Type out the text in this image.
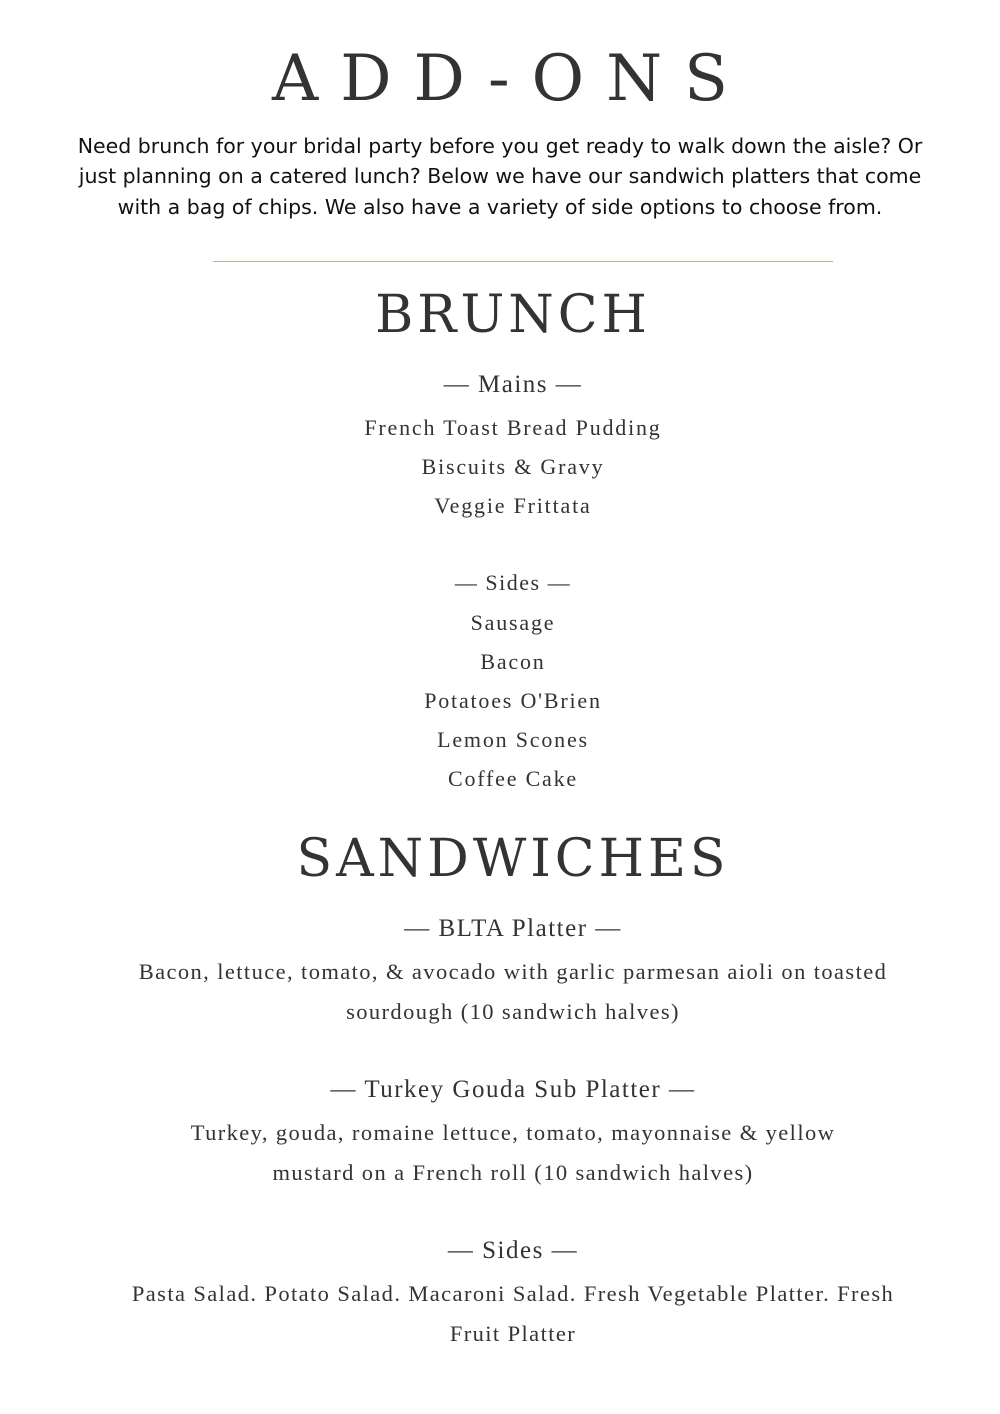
ADD-ONS

Need brunch for your bridal party before you get ready to walk down the aisle? Or just planning on a catered lunch? Below we have our sandwich platters that come with a bag of chips. We also have a variety of side options to choose from.

BRUNCH
— Mains —
French Toast Bread Pudding
Biscuits & Gravy
Veggie Frittata
— Sides —
Sausage
Bacon
Potatoes O'Brien
Lemon Scones
Coffee Cake
SANDWICHES
— BLTA Platter —

Bacon, lettuce, tomato, & avocado with garlic parmesan aioli on toasted sourdough (10 sandwich halves)

— Turkey Gouda Sub Platter —

Turkey, gouda, romaine lettuce, tomato, mayonnaise & yellow mustard on a French roll (10 sandwich halves)

— Sides —

Pasta Salad. Potato Salad. Macaroni Salad. Fresh Vegetable Platter. Fresh Fruit Platter
